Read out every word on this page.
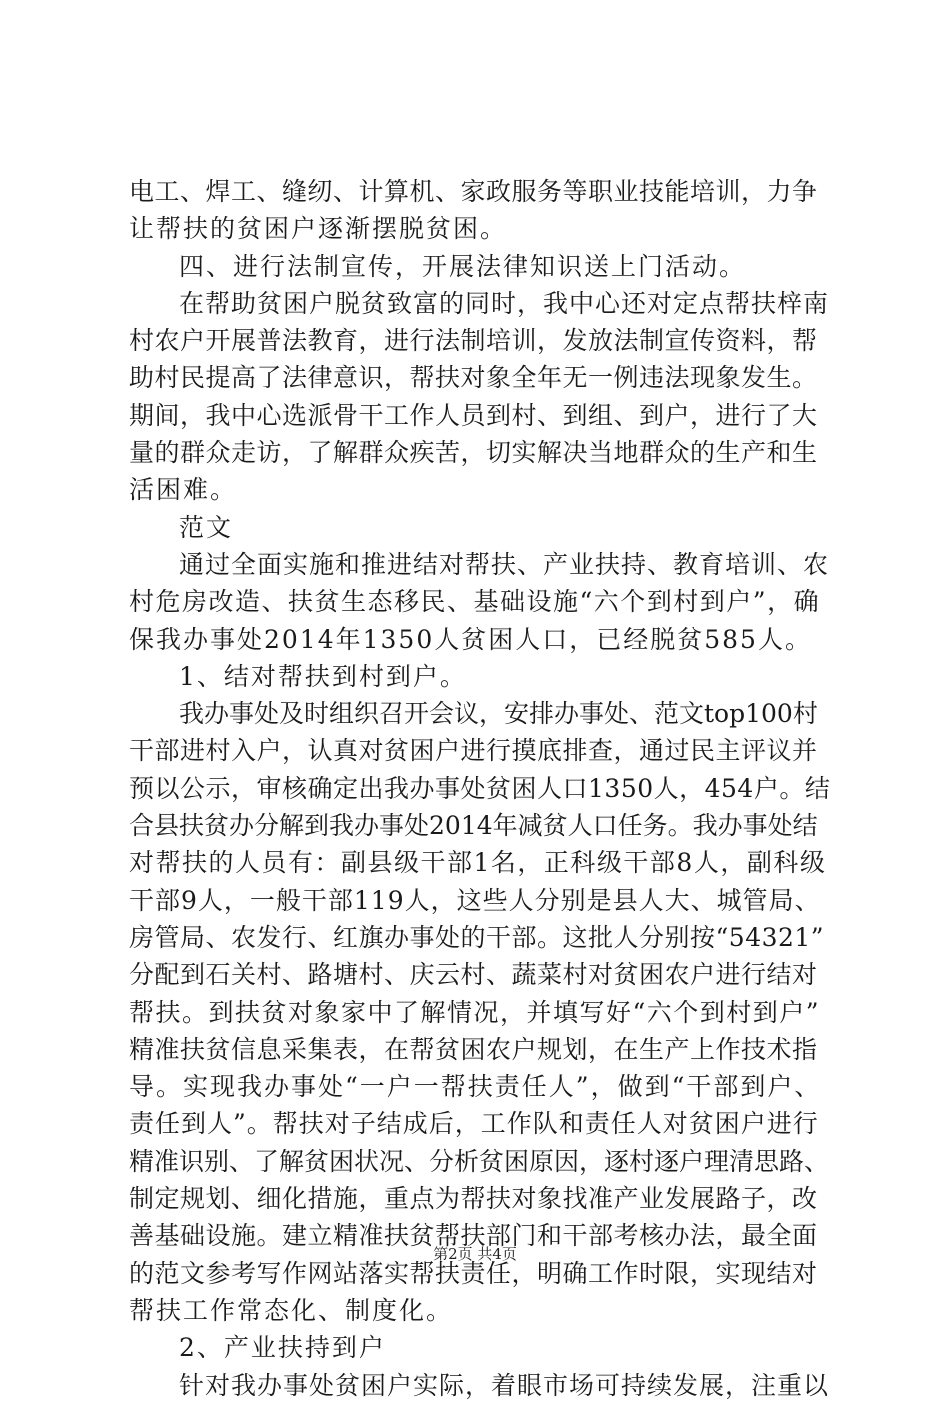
电工、焊工、缝纫、计算机、家政服务等职业技能培训，力争
让帮扶的贫困户逐渐摆脱贫困。
四、进行法制宣传，开展法律知识送上门活动。
在帮助贫困户脱贫致富的同时，我中心还对定点帮扶梓南
村农户开展普法教育，进行法制培训，发放法制宣传资料，帮
助村民提高了法律意识，帮扶对象全年无一例违法现象发生。
期间，我中心选派骨干工作人员到村、到组、到户，进行了大
量的群众走访，了解群众疾苦，切实解决当地群众的生产和生
活困难。
范文
通过全面实施和推进结对帮扶、产业扶持、教育培训、农
村危房改造、扶贫生态移民、基础设施“六个到村到户”，确
保我办事处2014年1350人贫困人口，已经脱贫585人。
1、结对帮扶到村到户。
我办事处及时组织召开会议，安排办事处、范文top100村
干部进村入户，认真对贫困户进行摸底排查，通过民主评议并
预以公示，审核确定出我办事处贫困人口1350人，454户。结
合县扶贫办分解到我办事处2014年减贫人口任务。我办事处结
对帮扶的人员有：副县级干部1名，正科级干部8人，副科级
干部9人，一般干部119人，这些人分别是县人大、城管局、
房管局、农发行、红旗办事处的干部。这批人分别按“54321”
分配到石关村、路塘村、庆云村、蔬菜村对贫困农户进行结对
帮扶。到扶贫对象家中了解情况，并填写好“六个到村到户”
精准扶贫信息采集表，在帮贫困农户规划，在生产上作技术指
导。实现我办事处“一户一帮扶责任人”，做到“干部到户、
责任到人”。帮扶对子结成后，工作队和责任人对贫困户进行
精准识别、了解贫困状况、分析贫困原因，逐村逐户理清思路、
制定规划、细化措施，重点为帮扶对象找准产业发展路子，改
善基础设施。建立精准扶贫帮扶部门和干部考核办法，最全面
的范文参考写作网站落实帮扶责任，明确工作时限，实现结对
帮扶工作常态化、制度化。
2、产业扶持到户
针对我办事处贫困户实际，着眼市场可持续发展，注重以
第2页 共4页
